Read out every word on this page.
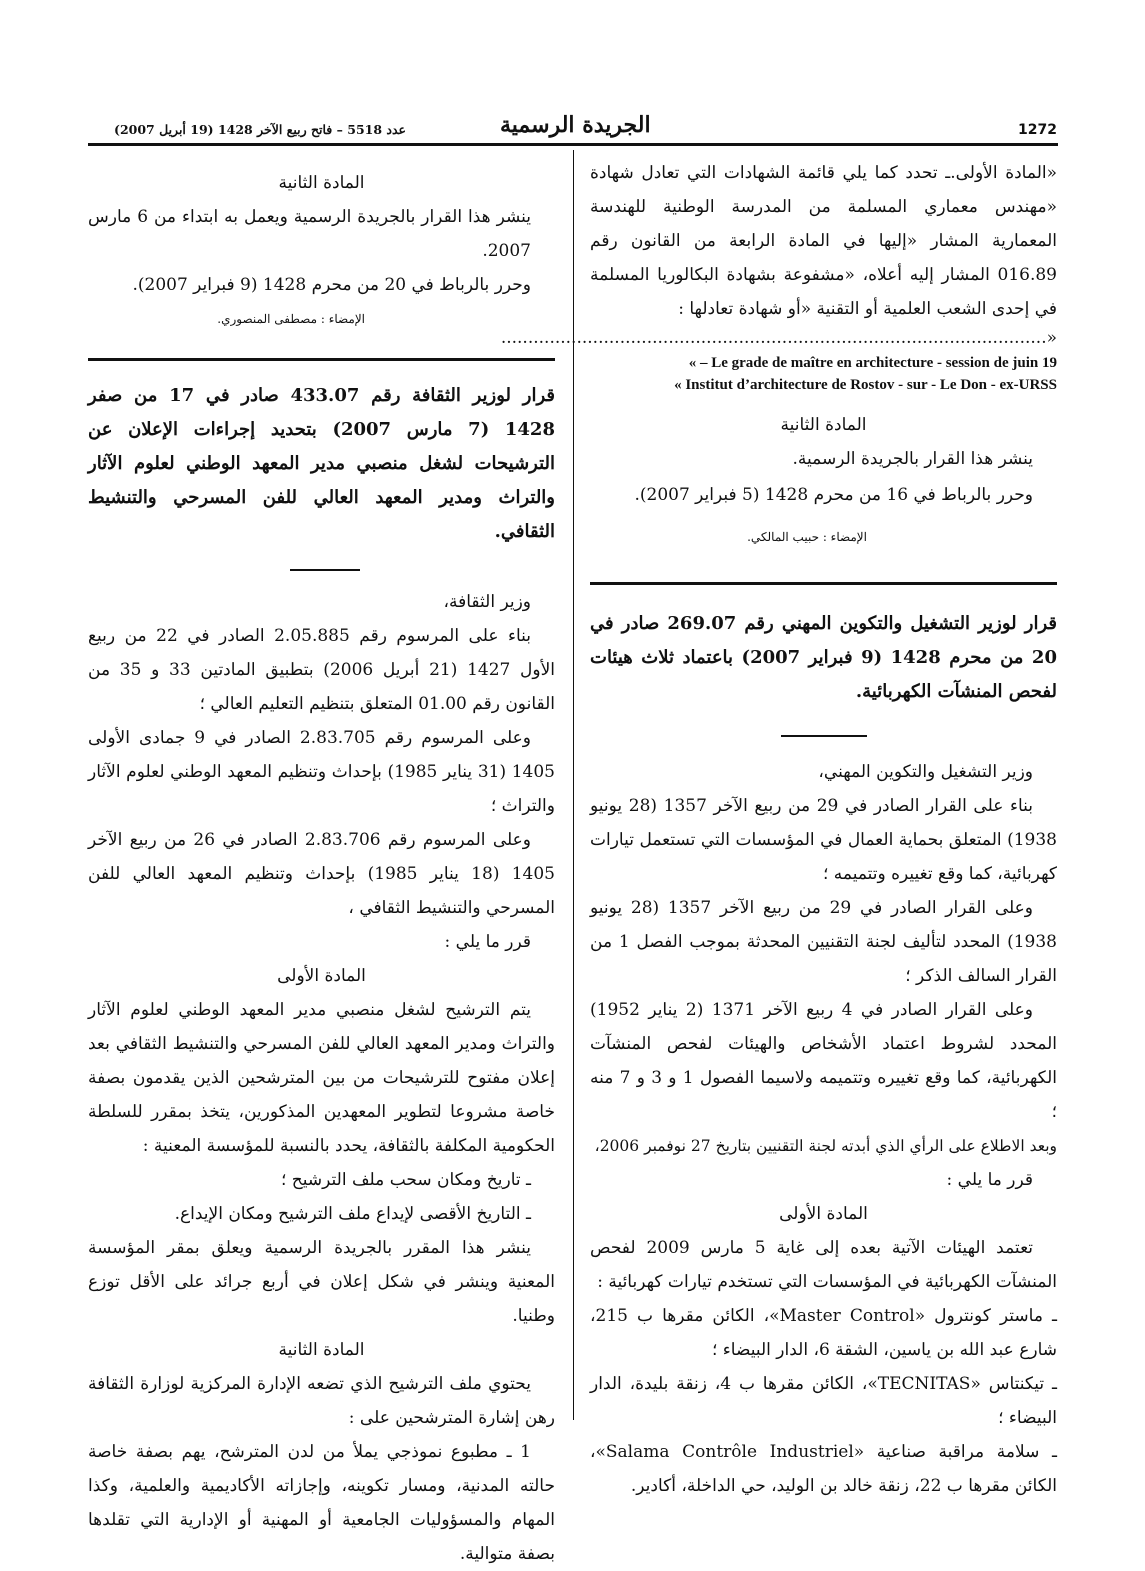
1272
الجريدة الرسمية
عدد 5518 – فاتح ربيع الآخر 1428 (19 أبريل 2007)

«المادة الأولى.ـ تحدد كما يلي قائمة الشهادات التي تعادل شهادة «مهندس معماري المسلمة من المدرسة الوطنية للهندسة المعمارية المشار «إليها في المادة الرابعة من القانون رقم 016.89 المشار إليه أعلاه، «مشفوعة بشهادة البكالوريا المسلمة في إحدى الشعب العلمية أو التقنية «أو شهادة تعادلها :

«.....................................................................................................

« – Le grade de maître en architecture - session de juin 19
« Institut d’architecture de Rostov - sur - Le Don - ex-URSS

المادة الثانية

ينشر هذا القرار بالجريدة الرسمية.

وحرر بالرباط في 16 من محرم 1428 (5 فبراير 2007).

الإمضاء : حبيب المالكي.

قرار لوزير التشغيل والتكوين المهني رقم 269.07 صادر في 20 من محرم 1428 (9 فبراير 2007) باعتماد ثلاث هيئات لفحص المنشآت الكهربائية.

وزير التشغيل والتكوين المهني،

بناء على القرار الصادر في 29 من ربيع الآخر 1357 (28 يونيو 1938) المتعلق بحماية العمال في المؤسسات التي تستعمل تيارات كهربائية، كما وقع تغييره وتتميمه ؛

وعلى القرار الصادر في 29 من ربيع الآخر 1357 (28 يونيو 1938) المحدد لتأليف لجنة التقنيين المحدثة بموجب الفصل 1 من القرار السالف الذكر ؛

وعلى القرار الصادر في 4 ربيع الآخر 1371 (2 يناير 1952) المحدد لشروط اعتماد الأشخاص والهيئات لفحص المنشآت الكهربائية، كما وقع تغييره وتتميمه ولاسيما الفصول 1 و 3 و 7 منه ؛

وبعد الاطلاع على الرأي الذي أبدته لجنة التقنيين بتاريخ 27 نوفمبر 2006،

قرر ما يلي :

المادة الأولى

تعتمد الهيئات الآتية بعده إلى غاية 5 مارس 2009 لفحص المنشآت الكهربائية في المؤسسات التي تستخدم تيارات كهربائية :

ـ ماستر كونترول «Master Control»، الكائن مقرها ب 215، شارع عبد الله بن ياسين، الشقة 6، الدار البيضاء ؛

ـ تيكنتاس «TECNITAS»، الكائن مقرها ب 4، زنقة بليدة، الدار البيضاء ؛

ـ سلامة مراقبة صناعية «Salama Contrôle Industriel»، الكائن مقرها ب 22، زنقة خالد بن الوليد، حي الداخلة، أكادير.

المادة الثانية

ينشر هذا القرار بالجريدة الرسمية ويعمل به ابتداء من 6 مارس 2007.

وحرر بالرباط في 20 من محرم 1428 (9 فبراير 2007).

الإمضاء : مصطفى المنصوري.

قرار لوزير الثقافة رقم 433.07 صادر في 17 من صفر 1428 (7 مارس 2007) بتحديد إجراءات الإعلان عن الترشيحات لشغل منصبي مدير المعهد الوطني لعلوم الآثار والتراث ومدير المعهد العالي للفن المسرحي والتنشيط الثقافي.

وزير الثقافة،

بناء على المرسوم رقم 2.05.885 الصادر في 22 من ربيع الأول 1427 (21 أبريل 2006) بتطبيق المادتين 33 و 35 من القانون رقم 01.00 المتعلق بتنظيم التعليم العالي ؛

وعلى المرسوم رقم 2.83.705 الصادر في 9 جمادى الأولى 1405 (31 يناير 1985) بإحداث وتنظيم المعهد الوطني لعلوم الآثار والتراث ؛

وعلى المرسوم رقم 2.83.706 الصادر في 26 من ربيع الآخر 1405 (18 يناير 1985) بإحداث وتنظيم المعهد العالي للفن المسرحي والتنشيط الثقافي ،

قرر ما يلي :

المادة الأولى

يتم الترشيح لشغل منصبي مدير المعهد الوطني لعلوم الآثار والتراث ومدير المعهد العالي للفن المسرحي والتنشيط الثقافي بعد إعلان مفتوح للترشيحات من بين المترشحين الذين يقدمون بصفة خاصة مشروعا لتطوير المعهدين المذكورين، يتخذ بمقرر للسلطة الحكومية المكلفة بالثقافة، يحدد بالنسبة للمؤسسة المعنية :

ـ تاريخ ومكان سحب ملف الترشيح ؛

ـ التاريخ الأقصى لإيداع ملف الترشيح ومكان الإيداع.

ينشر هذا المقرر بالجريدة الرسمية ويعلق بمقر المؤسسة المعنية وينشر في شكل إعلان في أربع جرائد على الأقل توزع وطنيا.

المادة الثانية

يحتوي ملف الترشيح الذي تضعه الإدارة المركزية لوزارة الثقافة رهن إشارة المترشحين على :

1 ـ مطبوع نموذجي يملأ من لدن المترشح، يهم بصفة خاصة حالته المدنية، ومسار تكوينه، وإجازاته الأكاديمية والعلمية، وكذا المهام والمسؤوليات الجامعية أو المهنية أو الإدارية التي تقلدها بصفة متوالية.
